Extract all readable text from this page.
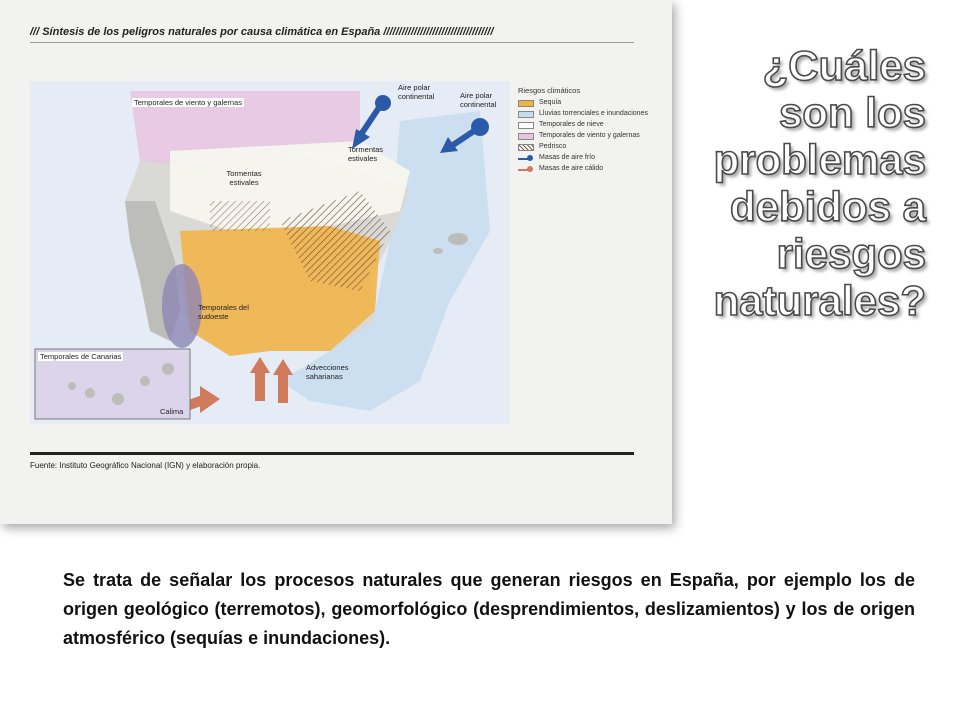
/// Síntesis de los peligros naturales por causa climática en España ////////////////////////////////////
Temporales de viento y galernas
Aire polar continental	Aire polar continental
Tormentas estivales
Tormentas estivales
Temporales del sudoeste
Temporales de Canarias
Calima
Advecciones saharianas
Riesgos climáticos
Sequía
Lluvias torrenciales e inundaciones
Temporales de nieve
Temporales de viento y galernas
Pedrisco
Masas de aire frío
Masas de aire cálido
Fuente: Instituto Geográfico Nacional (IGN) y elaboración propia.
¿Cuáles son los problemas debidos a riesgos naturales?
Se trata de señalar los procesos naturales que generan riesgos en España, por ejemplo los de origen geológico (terremotos), geomorfológico (desprendimientos, deslizamientos) y los de origen atmosférico (sequías e inundaciones).
